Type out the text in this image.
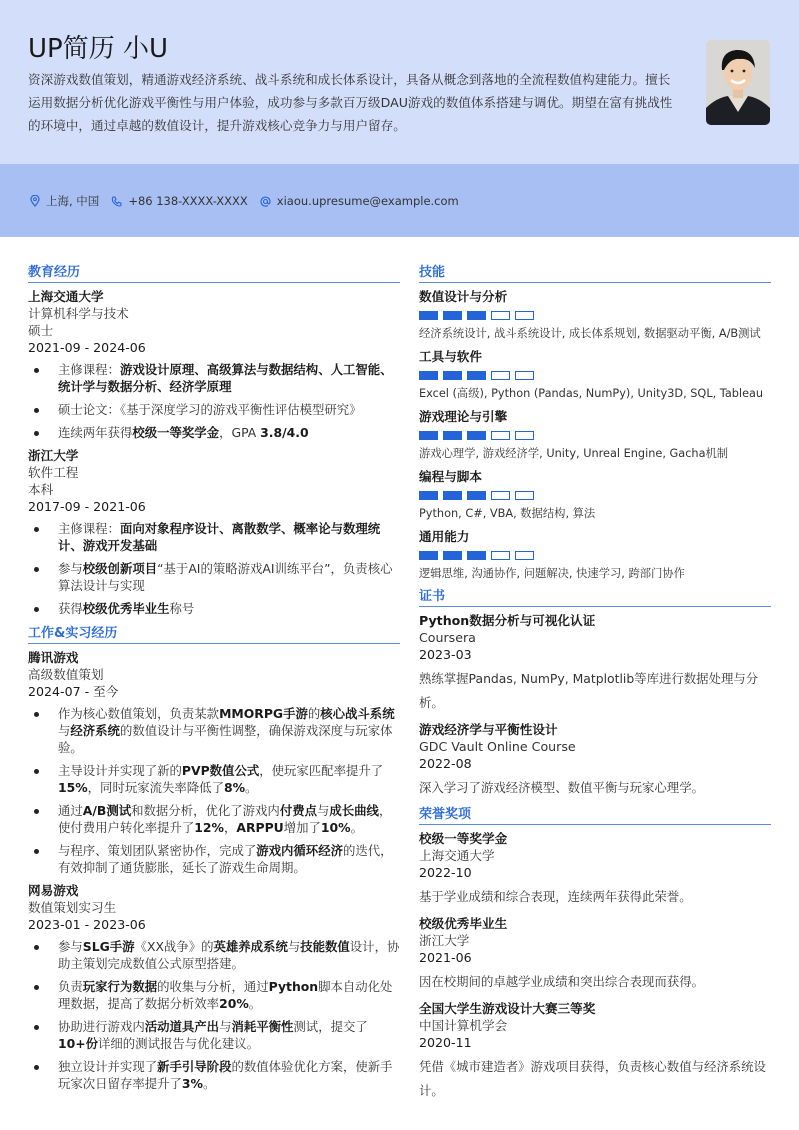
UP简历 小U
资深游戏数值策划，精通游戏经济系统、战斗系统和成长体系设计，具备从概念到落地的全流程数值构建能力。擅长运用数据分析优化游戏平衡性与用户体验，成功参与多款百万级DAU游戏的数值体系搭建与调优。期望在富有挑战性的环境中，通过卓越的数值设计，提升游戏核心竞争力与用户留存。
上海, 中国	+86 138-XXXX-XXXX	xiaou.upresume@example.com
教育经历
上海交通大学
计算机科学与技术
硕士
2021-09 - 2024-06
主修课程：游戏设计原理、高级算法与数据结构、人工智能、统计学与数据分析、经济学原理
硕士论文：《基于深度学习的游戏平衡性评估模型研究》
连续两年获得校级一等奖学金，GPA 3.8/4.0
浙江大学
软件工程
本科
2017-09 - 2021-06
主修课程：面向对象程序设计、离散数学、概率论与数理统计、游戏开发基础
参与校级创新项目“基于AI的策略游戏AI训练平台”，负责核心算法设计与实现
获得校级优秀毕业生称号
工作&实习经历
腾讯游戏
高级数值策划
2024-07 - 至今
作为核心数值策划，负责某款MMORPG手游的核心战斗系统与经济系统的数值设计与平衡性调整，确保游戏深度与玩家体验。
主导设计并实现了新的PVP数值公式，使玩家匹配率提升了15%，同时玩家流失率降低了8%。
通过A/B测试和数据分析，优化了游戏内付费点与成长曲线，使付费用户转化率提升了12%，ARPPU增加了10%。
与程序、策划团队紧密协作，完成了游戏内循环经济的迭代，有效抑制了通货膨胀，延长了游戏生命周期。
网易游戏
数值策划实习生
2023-01 - 2023-06
参与SLG手游《XX战争》的英雄养成系统与技能数值设计，协助主策划完成数值公式原型搭建。
负责玩家行为数据的收集与分析，通过Python脚本自动化处理数据，提高了数据分析效率20%。
协助进行游戏内活动道具产出与消耗平衡性测试，提交了10+份详细的测试报告与优化建议。
独立设计并实现了新手引导阶段的数值体验优化方案，使新手玩家次日留存率提升了3%。
技能
数值设计与分析
经济系统设计, 战斗系统设计, 成长体系规划, 数据驱动平衡, A/B测试
工具与软件
Excel (高级), Python (Pandas, NumPy), Unity3D, SQL, Tableau
游戏理论与引擎
游戏心理学, 游戏经济学, Unity, Unreal Engine, Gacha机制
编程与脚本
Python, C#, VBA, 数据结构, 算法
通用能力
逻辑思维, 沟通协作, 问题解决, 快速学习, 跨部门协作
证书
Python数据分析与可视化认证
Coursera
2023-03
熟练掌握Pandas, NumPy, Matplotlib等库进行数据处理与分析。
游戏经济学与平衡性设计
GDC Vault Online Course
2022-08
深入学习了游戏经济模型、数值平衡与玩家心理学。
荣誉奖项
校级一等奖学金
上海交通大学
2022-10
基于学业成绩和综合表现，连续两年获得此荣誉。
校级优秀毕业生
浙江大学
2021-06
因在校期间的卓越学业成绩和突出综合表现而获得。
全国大学生游戏设计大赛三等奖
中国计算机学会
2020-11
凭借《城市建造者》游戏项目获得，负责核心数值与经济系统设计。
